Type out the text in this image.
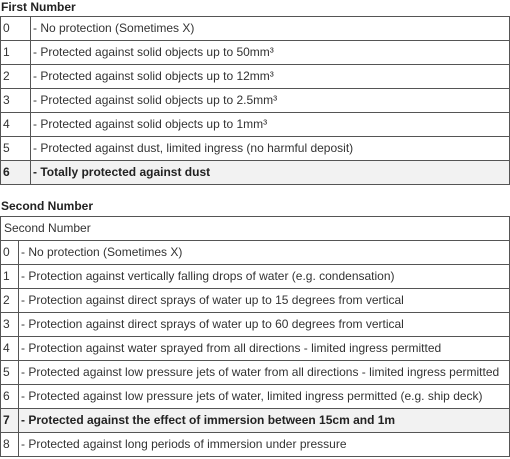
First Number
0	- No protection (Sometimes X)
1	- Protected against solid objects up to 50mm³
2	- Protected against solid objects up to 12mm³
3	- Protected against solid objects up to 2.5mm³
4	- Protected against solid objects up to 1mm³
5	- Protected against dust, limited ingress (no harmful deposit)
6	- Totally protected against dust
Second Number
Second Number	
0	- No protection (Sometimes X)
1	- Protection against vertically falling drops of water (e.g. condensation)
2	- Protection against direct sprays of water up to 15 degrees from vertical
3	- Protection against direct sprays of water up to 60 degrees from vertical
4	- Protection against water sprayed from all directions - limited ingress permitted
5	- Protected against low pressure jets of water from all directions - limited ingress permitted
6	- Protected against low pressure jets of water, limited ingress permitted (e.g. ship deck)
7	- Protected against the effect of immersion between 15cm and 1m
8	- Protected against long periods of immersion under pressure
